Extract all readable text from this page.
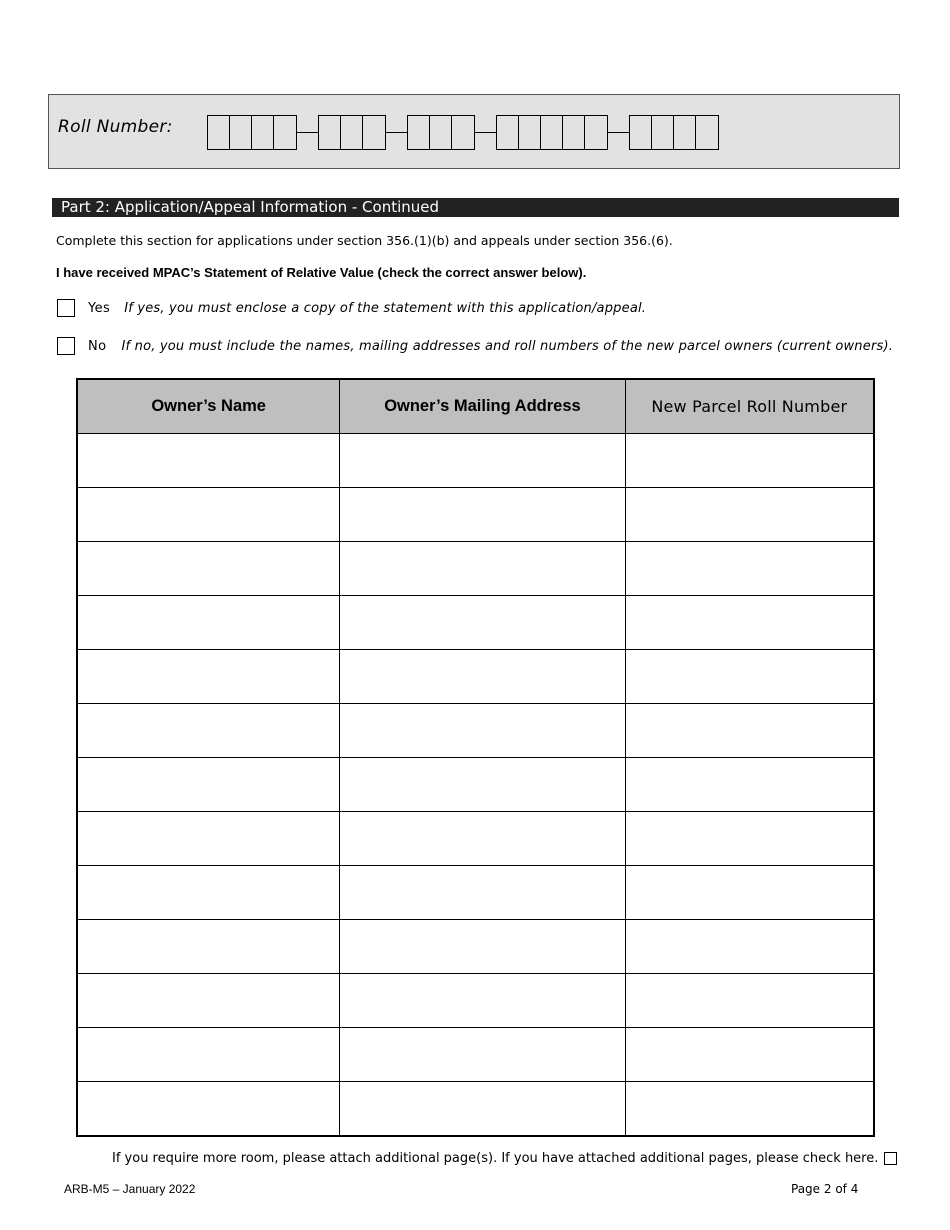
Roll Number:
Part 2: Application/Appeal Information - Continued
Complete this section for applications under section 356.(1)(b) and appeals under section 356.(6).
I have received MPAC’s Statement of Relative Value (check the correct answer below).
Yes If yes, you must enclose a copy of the statement with this application/appeal.
No If no, you must include the names, mailing addresses and roll numbers of the new parcel owners (current owners).
Owner’s Name	Owner’s Mailing Address	New Parcel Roll Number

If you require more room, please attach additional page(s). If you have attached additional pages, please check here.
ARB-M5 – January 2022	Page 2 of 4
